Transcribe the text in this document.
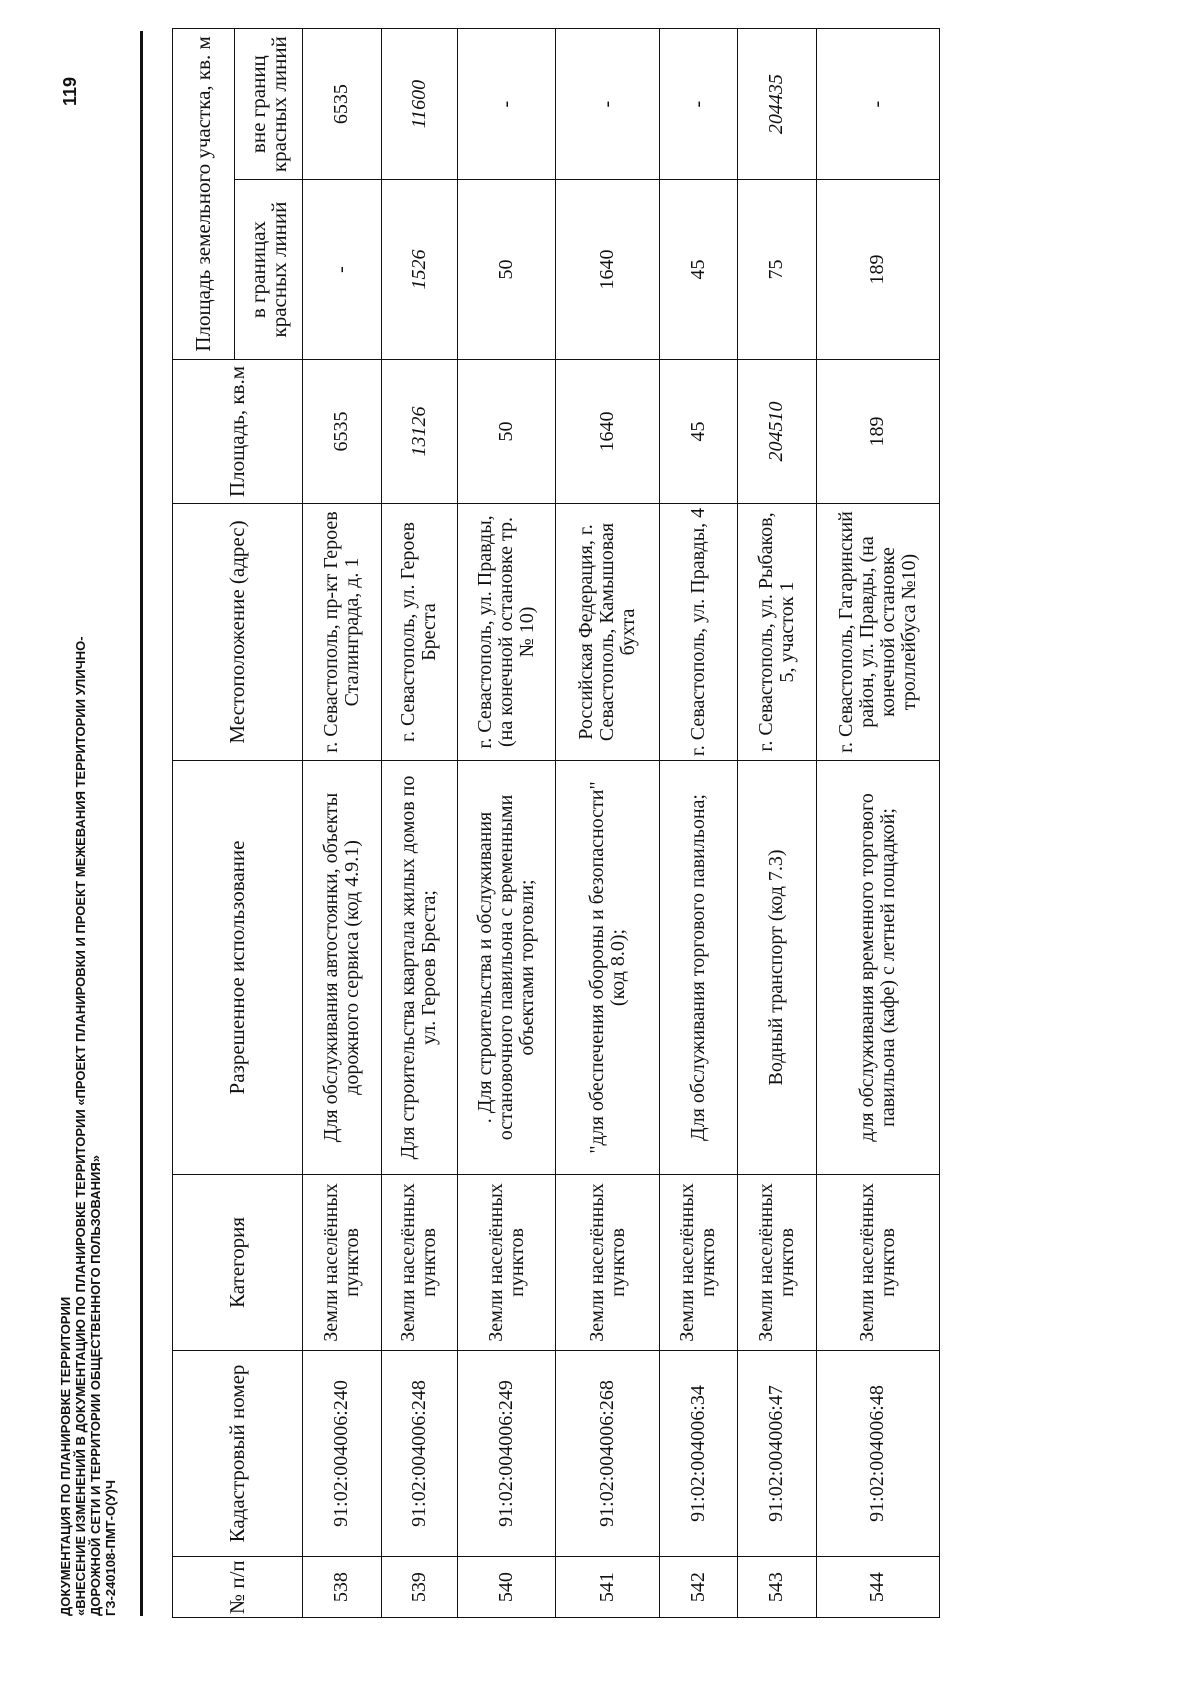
ДОКУМЕНТАЦИЯ ПО ПЛАНИРОВКЕ ТЕРРИТОРИИ «ВНЕСЕНИЕ ИЗМЕНЕНИЙ В ДОКУМЕНТАЦИЮ ПО ПЛАНИРОВКЕ ТЕРРИТОРИИ «ПРОЕКТ ПЛАНИРОВКИ И ПРОЕКТ МЕЖЕВАНИЯ ТЕРРИТОРИИ УЛИЧНО- ДОРОЖНОЙ СЕТИ И ТЕРРИТОРИИ ОБЩЕСТВЕННОГО ПОЛЬЗОВАНИЯ» ГЗ-240108-ПМТ-О(У)Ч
119
№ п/п	Кадастровый номер	Категория	Разрешенное использование	Местоположение (адрес)	Площадь, кв.м	Площадь земельного участка, кв. м	
						в границах красных линий	вне границ красных линий
538	91:02:004006:240	Земли населённых пунктов	Для обслуживания автостоянки, объекты дорожного сервиса (код 4.9.1)	г. Севастополь, пр-кт Героев Сталинграда, д. 1	6535	-	6535
539	91:02:004006:248	Земли населённых пунктов	Для строительства квартала жилых домов по ул. Героев Бреста;	г. Севастополь, ул. Героев Бреста	13126	1526	11600
540	91:02:004006:249	Земли населённых пунктов	. Для строительства и обслуживания остановочного павильона с временными объектами торговли;	г. Севастополь, ул. Правды, (на конечной остановке тр. № 10)	50	50	-
541	91:02:004006:268	Земли населённых пунктов	"для обеспечения обороны и безопасности" (код 8.0);	Российская Федерация, г. Севастополь, Камышовая бухта	1640	1640	-
542	91:02:004006:34	Земли населённых пунктов	Для обслуживания торгового павильона;	г. Севастополь, ул. Правды, 4	45	45	-
543	91:02:004006:47	Земли населённых пунктов	Водный транспорт (код 7.3)	г. Севастополь, ул. Рыбаков, 5, участок 1	204510	75	204435
544	91:02:004006:48	Земли населённых пунктов	для обслуживания временного торгового павильона (кафе) с летней пощадкой;	г. Севастополь, Гагаринский район, ул. Правды, (на конечной остановке троллейбуса №10)	189	189	-
